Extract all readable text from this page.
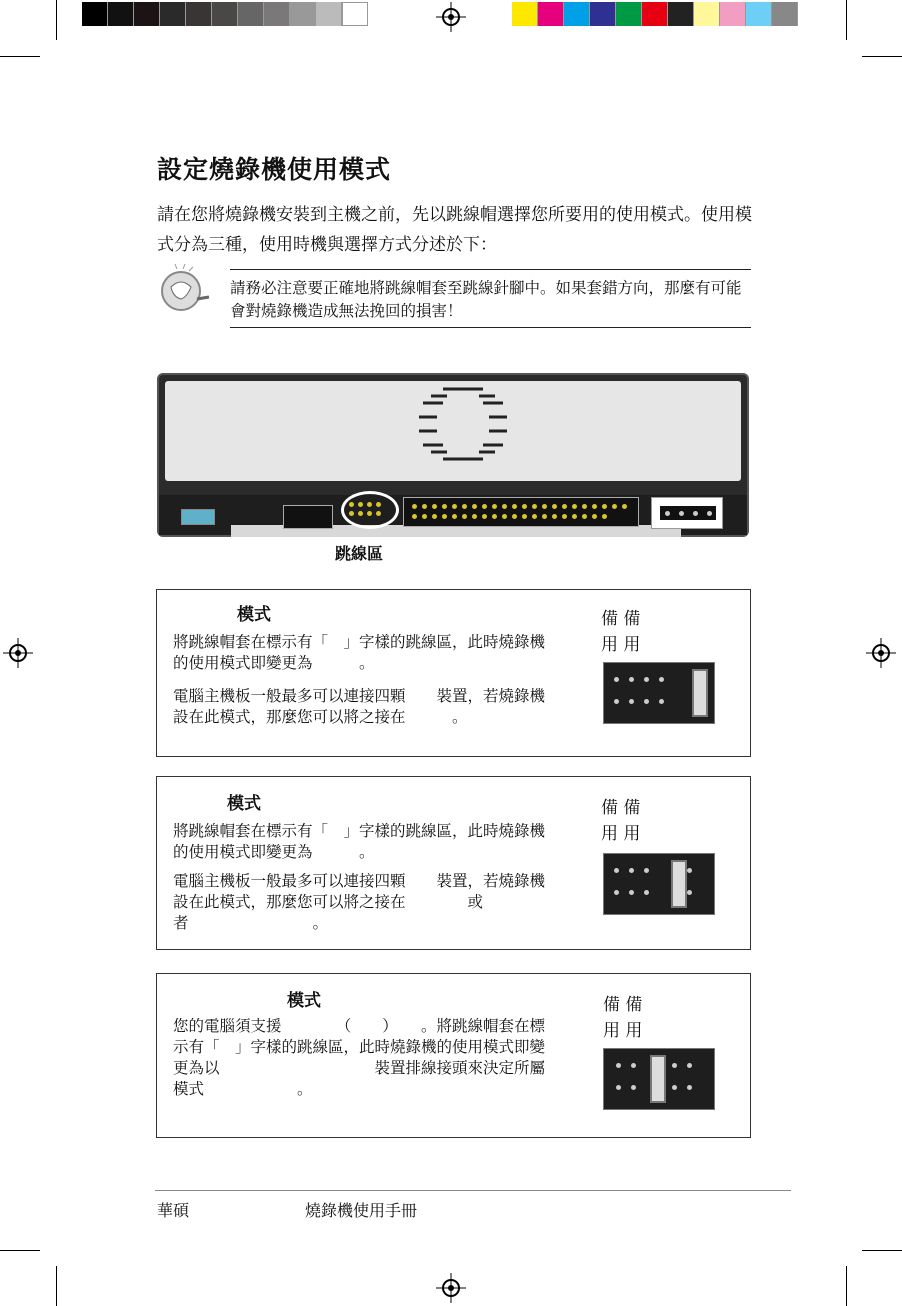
設定燒錄機使用模式
請在您將燒錄機安裝到主機之前，先以跳線帽選擇您所要用的使用模式。使用模式分為三種，使用時機與選擇方式分述於下：
請務必注意要正確地將跳線帽套至跳線針腳中。如果套錯方向，那麼有可能會對燒錄機造成無法挽回的損害！
跳線區
模式
將跳線帽套在標示有「　」字樣的跳線區，此時燒錄機的使用模式即變更為　　　。
電腦主機板一般最多可以連接四顆　　裝置，若燒錄機設在此模式，那麼您可以將之接在　　　。
備 備
用 用
模式
將跳線帽套在標示有「　」字樣的跳線區，此時燒錄機的使用模式即變更為　　　。
電腦主機板一般最多可以連接四顆　　裝置，若燒錄機設在此模式，那麼您可以將之接在　　　　或者　　　　　　　　。
備 備
用 用
模式
您的電腦須支援　　　　（　　）　　。將跳線帽套在標示有「　」字樣的跳線區，此時燒錄機的使用模式即變更為以　　　　　　　　　　裝置排線接頭來決定所屬模式　　　　　　。
備 備
用 用
華碩	燒錄機使用手冊
